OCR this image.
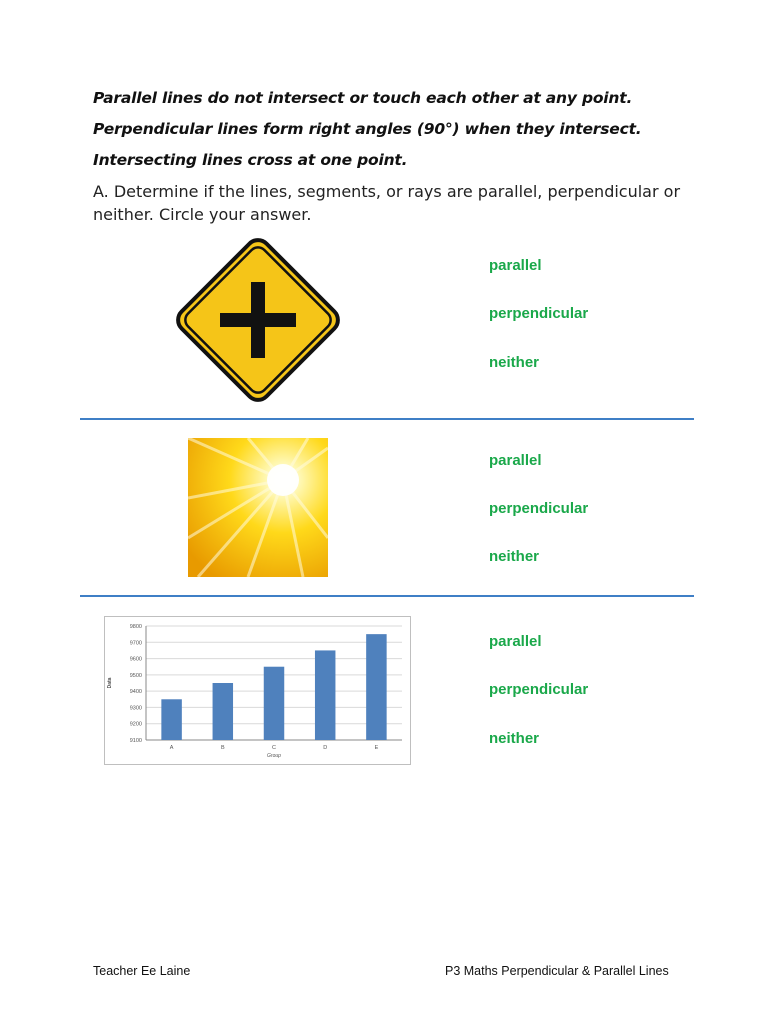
Parallel lines do not intersect or touch each other at any point.
Perpendicular lines form right angles (90°) when they intersect.
Intersecting lines cross at one point.
A. Determine if the lines, segments, or rays are parallel, perpendicular or neither. Circle your answer.
parallel
perpendicular
neither
parallel
perpendicular
neither
9100
9200
9300
9400
9500
9600
9700
9800
A	B	C	D	E
Group
Data
parallel
perpendicular
neither
Teacher Ee Laine	P3 Maths Perpendicular & Parallel Lines
